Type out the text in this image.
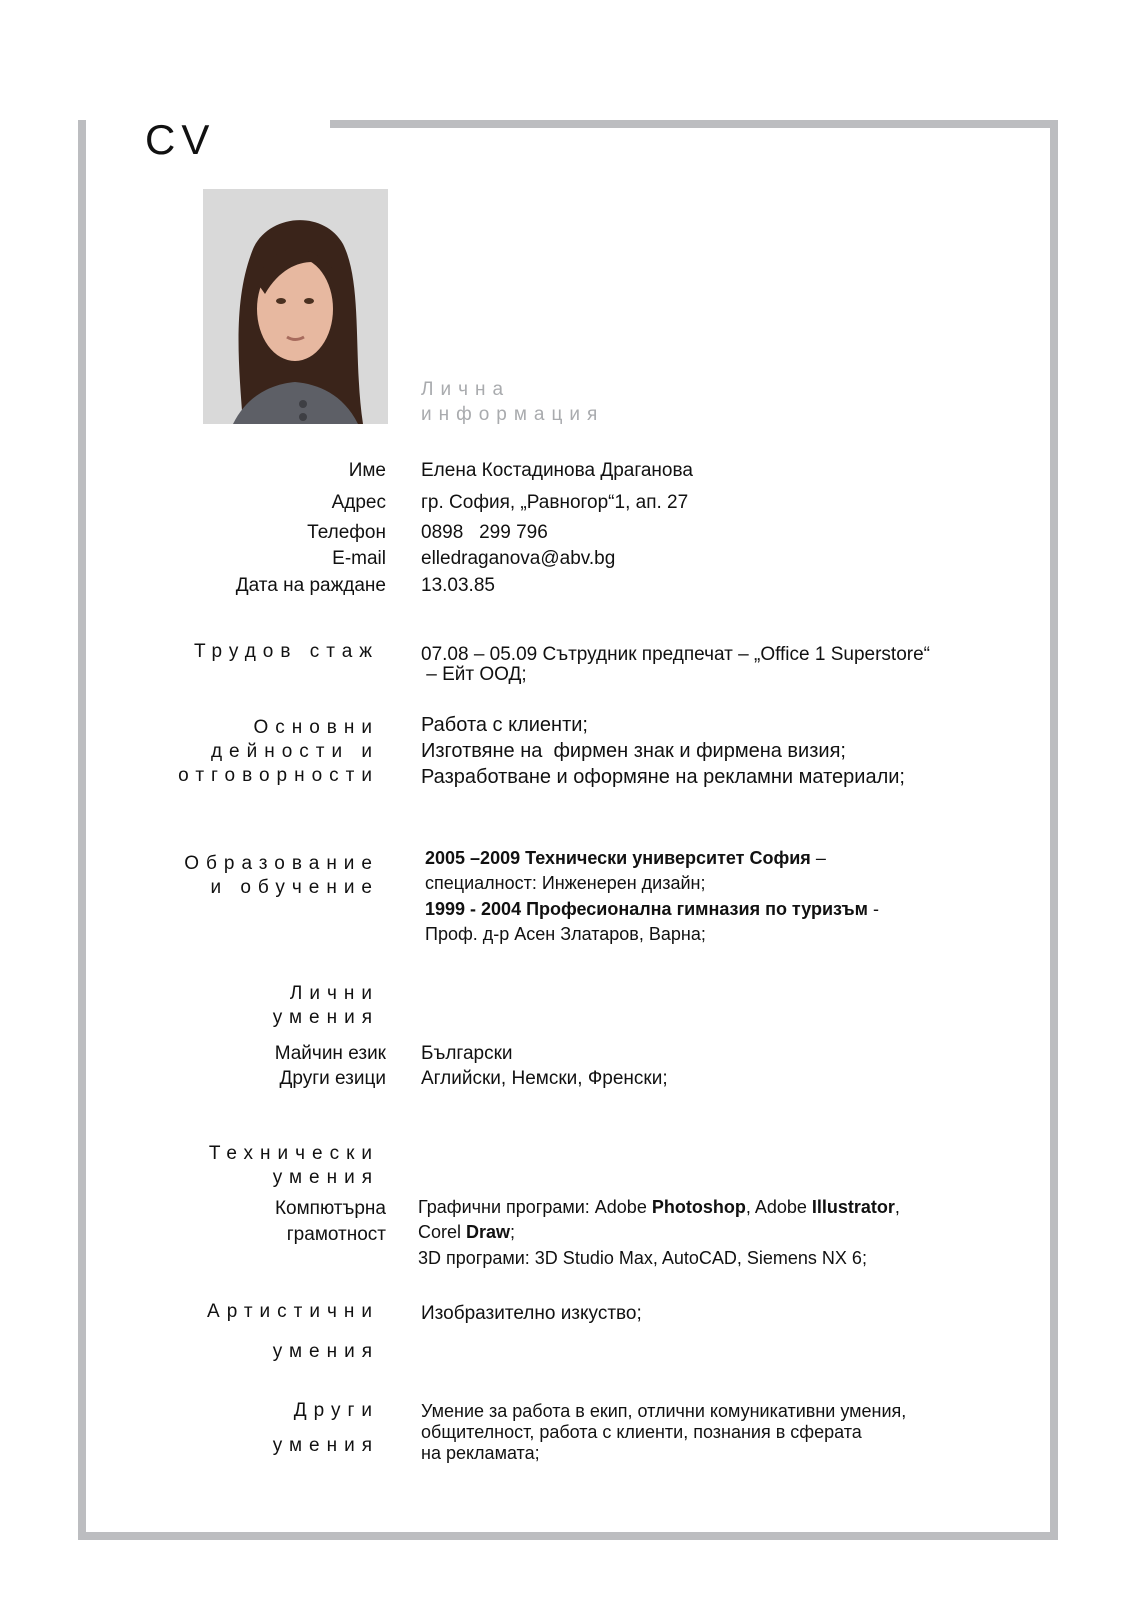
CV
Лична
информация
Име Елена Костадинова Драганова
Адрес гр. София, „Равногор“1, ап. 27
Телефон 0898   299 796
E-mail elledraganova@abv.bg
Дата на раждане 13.03.85
Трудов стаж 07.08 – 05.09 Сътрудник предпечат – „Office 1 Superstore“
– Ейт ООД;
Основни
дейности и
отговорности
Работа с клиенти;
Изготвяне на  фирмен знак и фирмена визия;
Разработване и оформяне на рекламни материали;
Образование
и обучение
2005 –2009 Технически университет София –
специалност: Инженерен дизайн;
1999 - 2004 Професионална гимназия по туризъм -
Проф. д-р Асен Златаров, Варна;
Лични
умения
Майчин език Български
Други езици Аглийски, Немски, Френски;
Технически
умения
Компютърна
грамотност
Графични програми: Adobe Photoshop, Adobe Illustrator,
Corel Draw;
3D програми: 3D Studio Max, AutoCAD, Siemens NX 6;
Артистични
умения
Изобразително изкуство;
Други
умения
Умение за работа в екип, отлични комуникативни умения,
общителност, работа с клиенти, познания в сферата
на рекламата;
